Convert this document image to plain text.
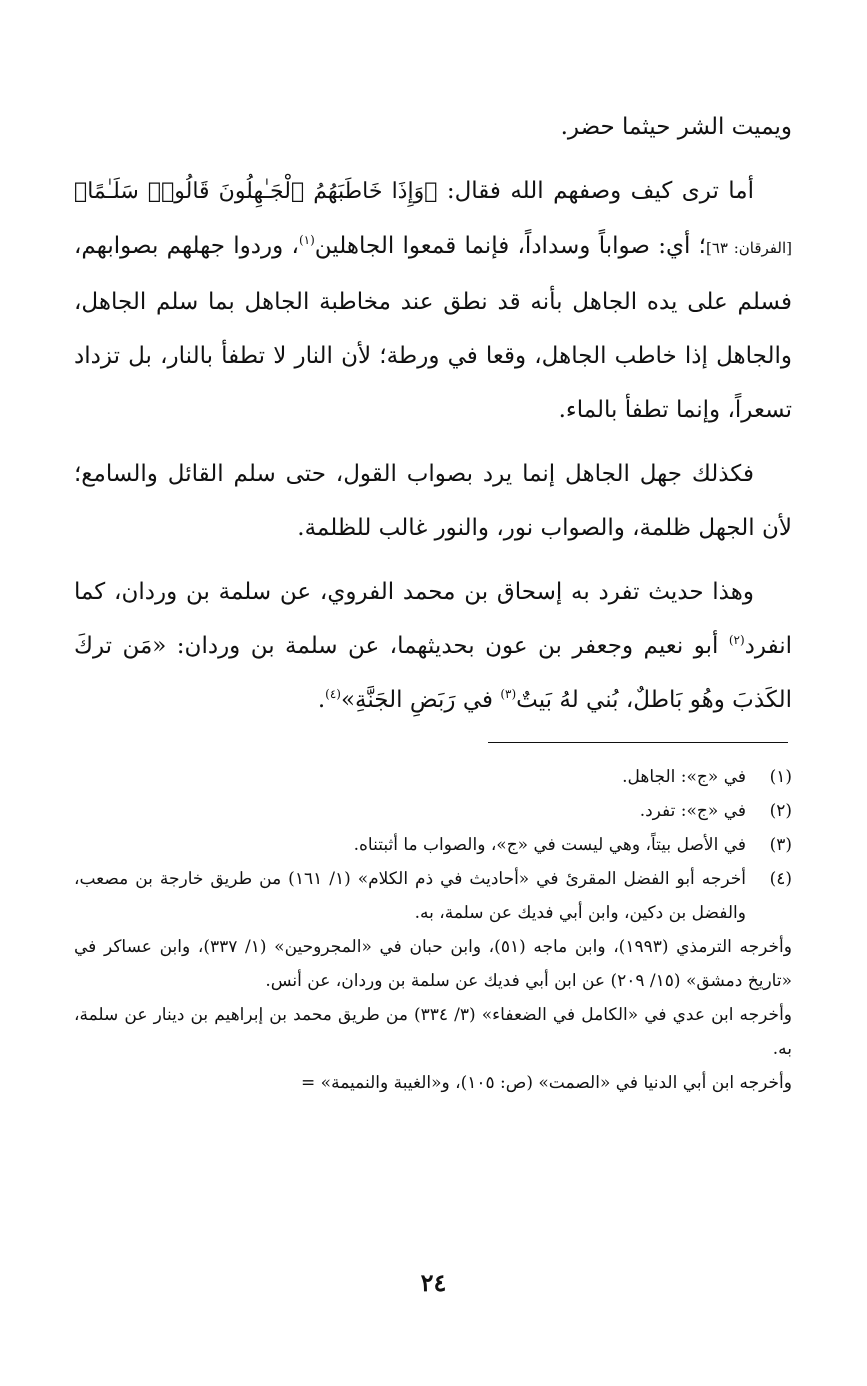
ويميت الشر حيثما حضر.

أما ترى كيف وصفهم الله فقال: ﴿وَإِذَا خَاطَبَهُمُ ٱلْجَـٰهِلُونَ قَالُوا۟ سَلَـٰمًا﴾[الفرقان: ٦٣]؛ أي: صواباً وسداداً، فإنما قمعوا الجاهلين$^{(١)}$، وردوا جهلهم بصوابهم، فسلم على يده الجاهل بأنه قد نطق عند مخاطبة الجاهل بما سلم الجاهل، والجاهل إذا خاطب الجاهل، وقعا في ورطة؛ لأن النار لا تطفأ بالنار، بل تزداد تسعراً، وإنما تطفأ بالماء.

فكذلك جهل الجاهل إنما يرد بصواب القول، حتى سلم القائل والسامع؛ لأن الجهل ظلمة، والصواب نور، والنور غالب للظلمة.

وهذا حديث تفرد به إسحاق بن محمد الفروي، عن سلمة بن وردان، كما انفرد$^{(٢)}$ أبو نعيم وجعفر بن عون بحديثهما، عن سلمة بن وردان: «مَن تركَ الكَذبَ وهُو بَاطلٌ، بُني لهُ بَيتٌ$^{(٣)}$ في رَبَضِ الجَنَّةِ»$^{(٤)}$.

(١)
في «ج»: الجاهل.
(٢)
في «ج»: تفرد.
(٣)
في الأصل بيتاً، وهي ليست في «ج»، والصواب ما أثبتناه.
(٤)
أخرجه أبو الفضل المقرئ في «أحاديث في ذم الكلام» (١/ ١٦١) من طريق خارجة بن مصعب، والفضل بن دكين، وابن أبي فديك عن سلمة، به.
وأخرجه الترمذي (١٩٩٣)، وابن ماجه (٥١)، وابن حبان في «المجروحين» (١/ ٣٣٧)، وابن عساكر في «تاريخ دمشق» (١٥/ ٢٠٩) عن ابن أبي فديك عن سلمة بن وردان، عن أنس.
وأخرجه ابن عدي في «الكامل في الضعفاء» (٣/ ٣٣٤) من طريق محمد بن إبراهيم بن دينار عن سلمة، به.
وأخرجه ابن أبي الدنيا في «الصمت» (ص: ١٠٥)، و«الغيبة والنميمة» =
٢٤
